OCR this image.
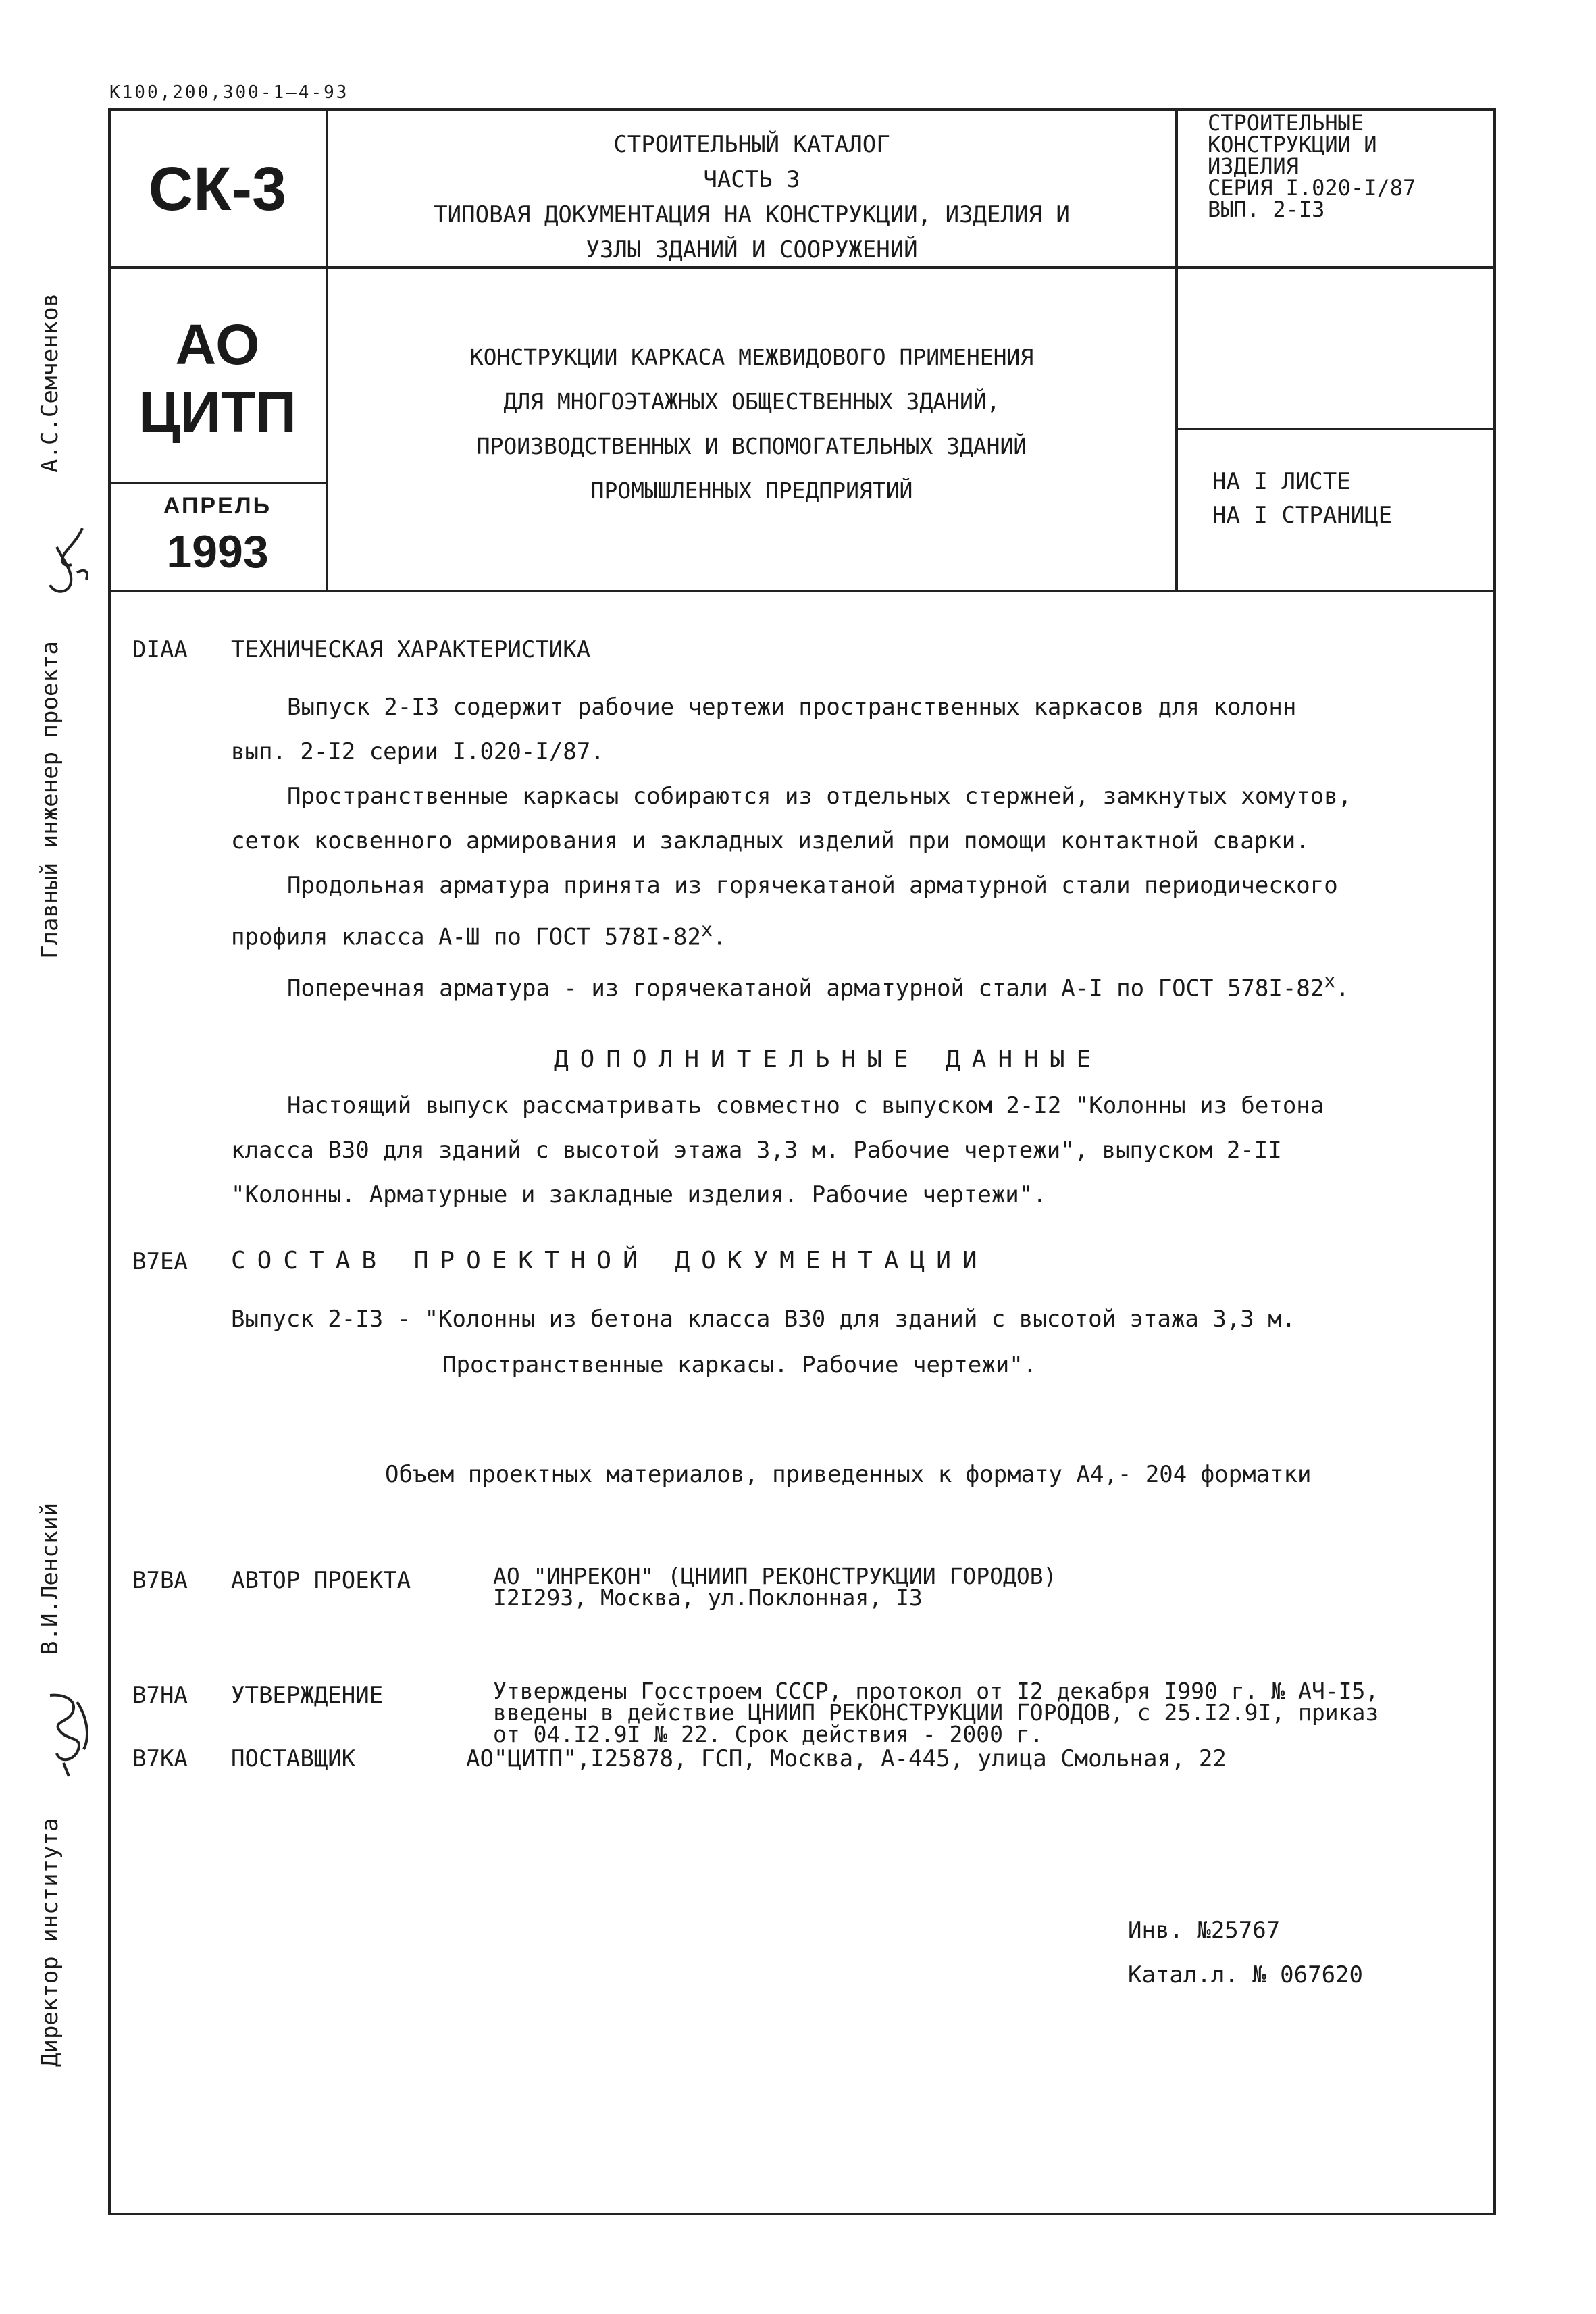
К100,200,300-1—4-93
СК-3
АО
ЦИТП
АПРЕЛЬ
1993
СТРОИТЕЛЬНЫЙ КАТАЛОГ
ЧАСТЬ 3
ТИПОВАЯ ДОКУМЕНТАЦИЯ НА КОНСТРУКЦИИ, ИЗДЕЛИЯ И
УЗЛЫ ЗДАНИЙ И СООРУЖЕНИЙ
СТРОИТЕЛЬНЫЕ
КОНСТРУКЦИИ И
ИЗДЕЛИЯ
СЕРИЯ I.020-I/87
ВЫП. 2-I3
КОНСТРУКЦИИ КАРКАСА МЕЖВИДОВОГО ПРИМЕНЕНИЯ
ДЛЯ МНОГОЭТАЖНЫХ ОБЩЕСТВЕННЫХ ЗДАНИЙ,
ПРОИЗВОДСТВЕННЫХ И ВСПОМОГАТЕЛЬНЫХ ЗДАНИЙ
ПРОМЫШЛЕННЫХ ПРЕДПРИЯТИЙ	НА I ЛИСТЕ
НА I СТРАНИЦЕ
А.С.Семченков
Главный инженер проекта
В.И.Ленский
Директор института
DIAA ТЕХНИЧЕСКАЯ ХАРАКТЕРИСТИКА
Выпуск 2-I3 содержит рабочие чертежи пространственных каркасов для колонн
вып. 2-I2 серии I.020-I/87.
Пространственные каркасы собираются из отдельных стержней, замкнутых хомутов,
сеток косвенного армирования и закладных изделий при помощи контактной сварки.
Продольная арматура принята из горячекатаной арматурной стали периодического
профиля класса А-Ш по ГОСТ $578I-82^х$.
Поперечная арматура - из горячекатаной арматурной стали А-I по ГОСТ $578I-82^х$.
ДОПОЛНИТЕЛЬНЫЕ ДАННЫЕ
Настоящий выпуск рассматривать совместно с выпуском 2-I2 "Колонны из бетона
класса В30 для зданий с высотой этажа 3,3 м. Рабочие чертежи", выпуском 2-II
"Колонны. Арматурные и закладные изделия. Рабочие чертежи".
В7ЕА СОСТАВ ПРОЕКТНОЙ ДОКУМЕНТАЦИИ
Выпуск 2-I3 - "Колонны из бетона класса В30 для зданий с высотой этажа 3,3 м.
Пространственные каркасы. Рабочие чертежи".
Объем проектных материалов, приведенных к формату А4,- 204 форматки
В7ВА АВТОР ПРОЕКТА	АО "ИНРЕКОН" (ЦНИИП РЕКОНСТРУКЦИИ ГОРОДОВ)
I2I293, Москва, ул.Поклонная, I3
В7НА УТВЕРЖДЕНИЕ	Утверждены Госстроем СССР, протокол от I2 декабря I990 г. № АЧ-I5,
введены в действие ЦНИИП РЕКОНСТРУКЦИИ ГОРОДОВ, с 25.I2.9I, приказ
от 04.I2.9I № 22. Срок действия - 2000 г.
В7КА ПОСТАВЩИК	АО"ЦИТП",I25878, ГСП, Москва, А-445, улица Смольная, 22
Инв. №25767
Катал.л. № 067620
